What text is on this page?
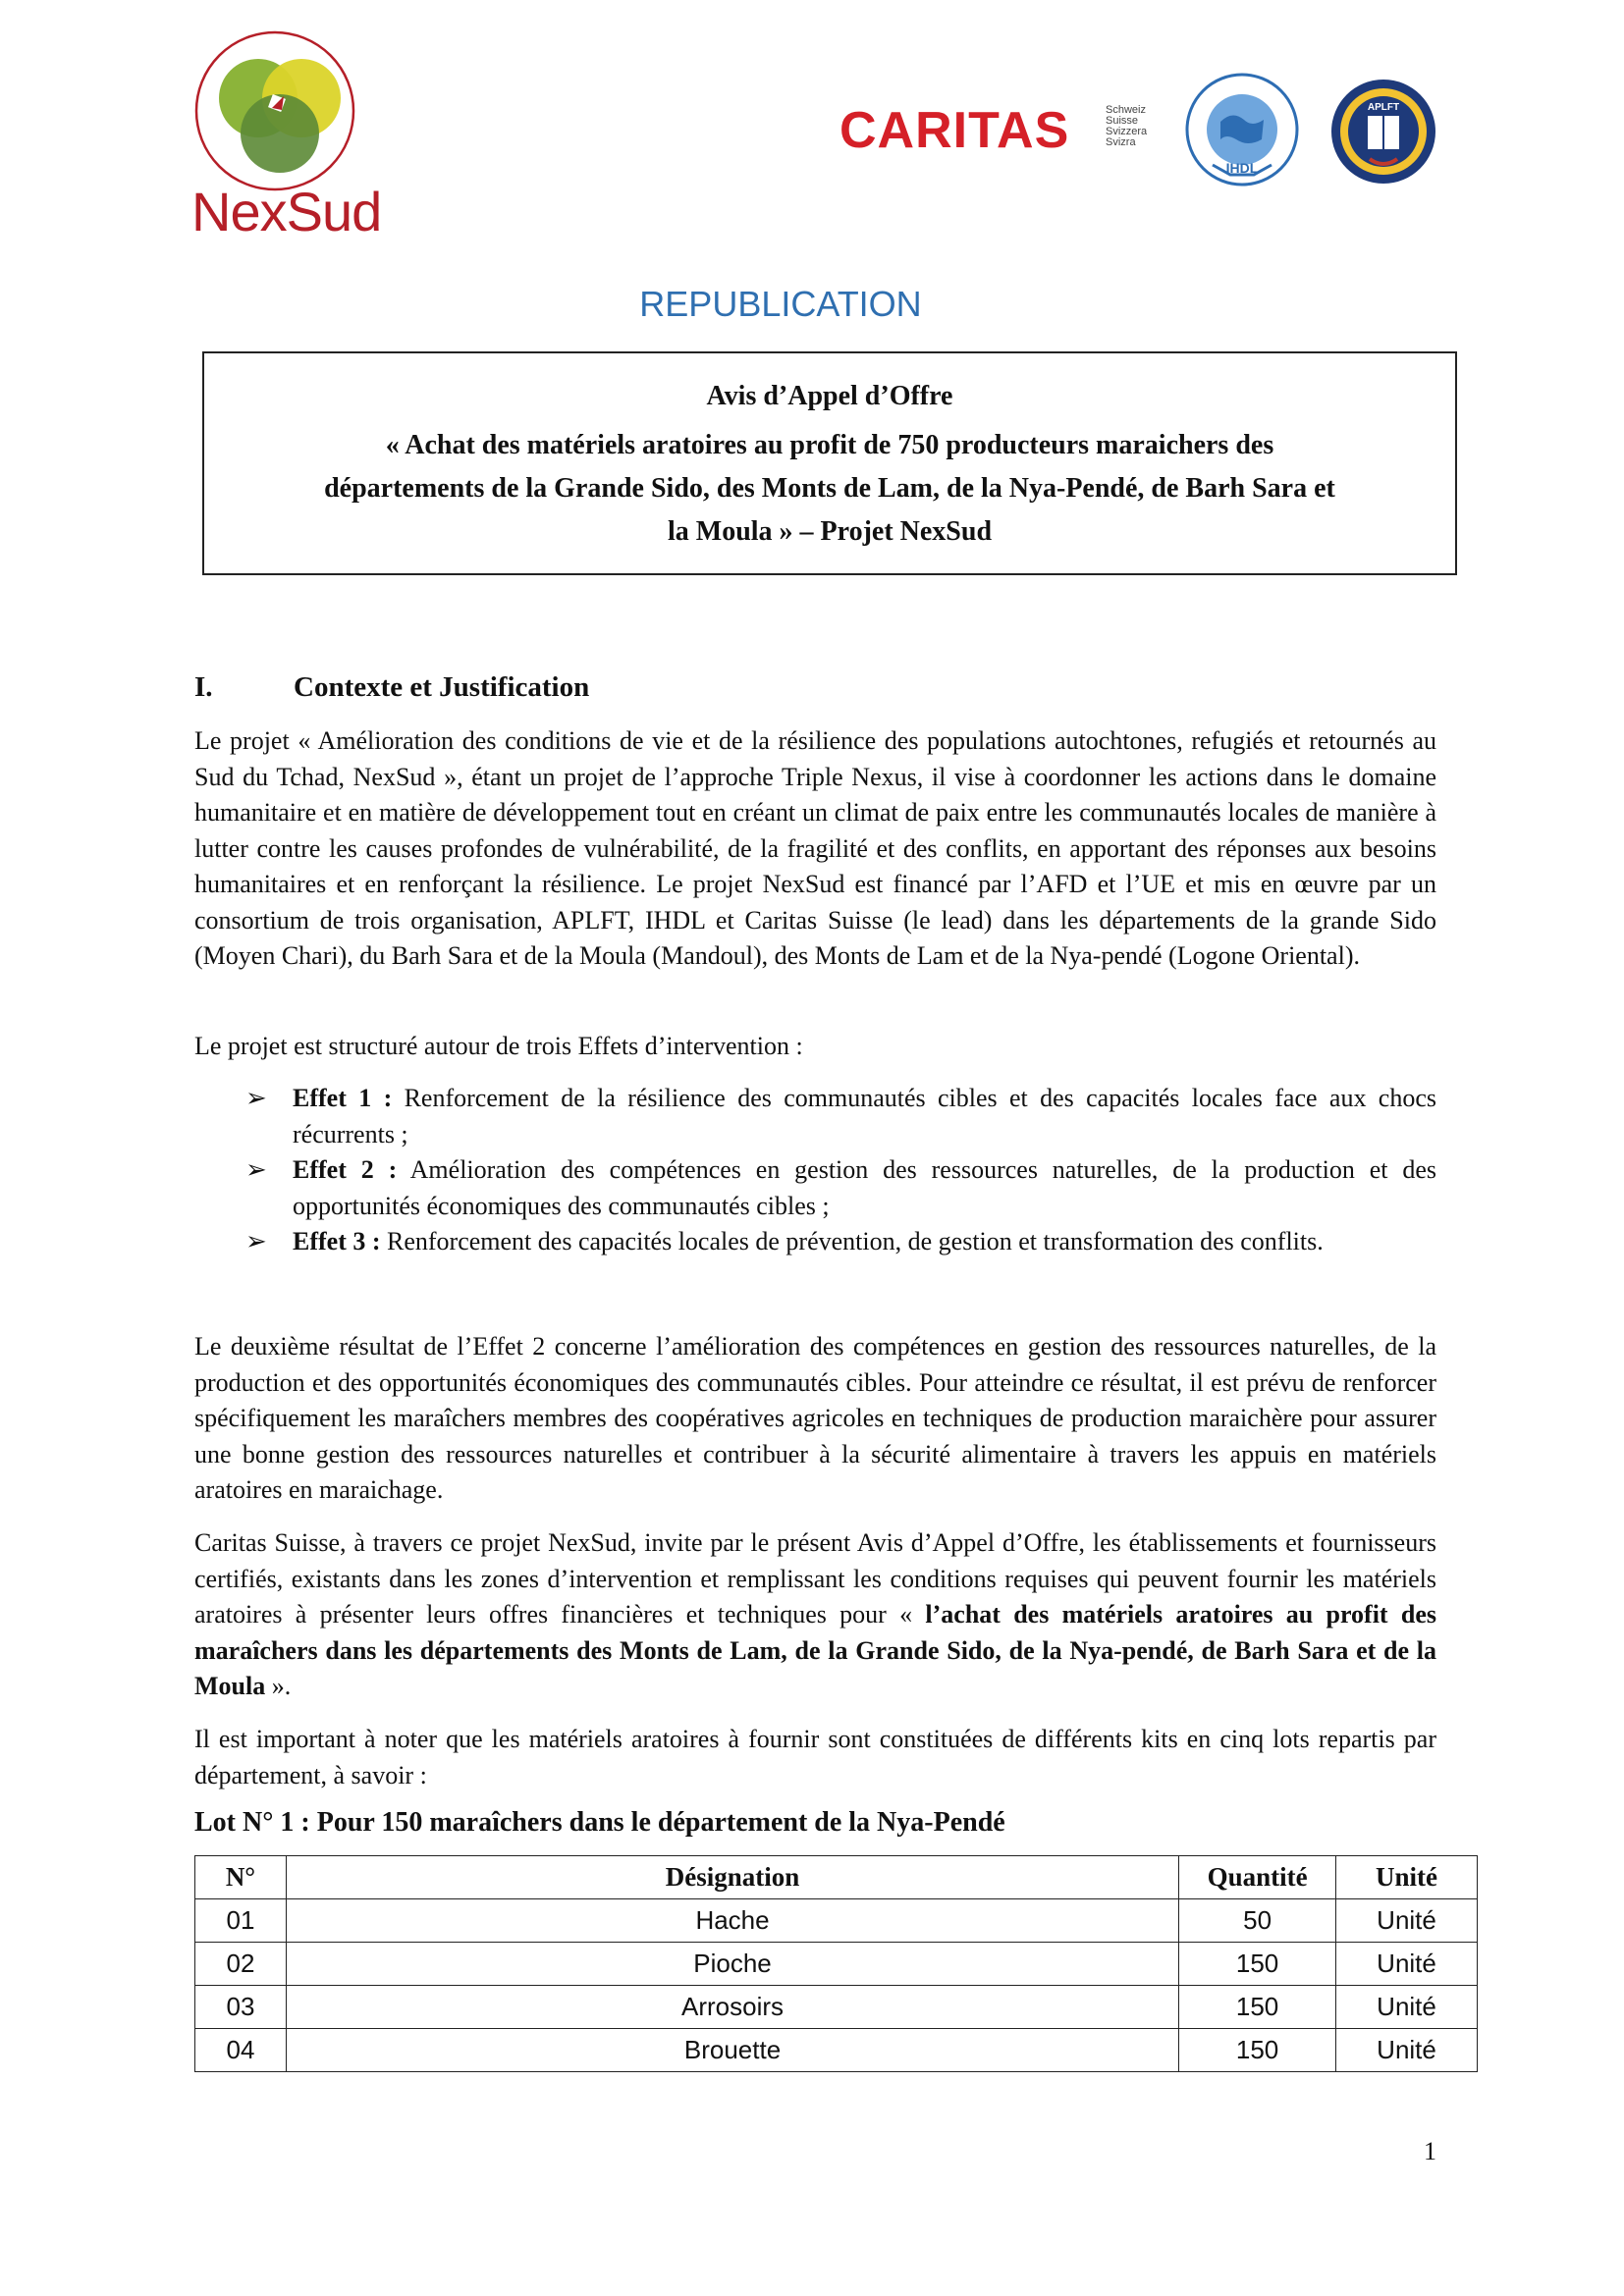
NexSud
CARITAS	Schweiz
Suisse
Svizzera
Svizra
IHDL
APLFT
REPUBLICATION
Avis d’Appel d’Offre
« Achat des matériels aratoires au profit de 750 producteurs maraichers des
départements de la Grande Sido, des Monts de Lam, de la Nya-Pendé, de Barh Sara et
la Moula » – Projet NexSud
I.	Contexte et Justification
Le projet « Amélioration des conditions de vie et de la résilience des populations autochtones, refugiés et retournés au Sud du Tchad, NexSud », étant un projet de l’approche Triple Nexus, il vise à coordonner les actions dans le domaine humanitaire et en matière de développement tout en créant un climat de paix entre les communautés locales de manière à lutter contre les causes profondes de vulnérabilité, de la fragilité et des conflits, en apportant des réponses aux besoins humanitaires et en renforçant la résilience. Le projet NexSud est financé par l’AFD et l’UE et mis en œuvre par un consortium de trois organisation, APLFT, IHDL et Caritas Suisse (le lead) dans les départements de la grande Sido (Moyen Chari), du Barh Sara et de la Moula (Mandoul), des Monts de Lam et de la Nya-pendé (Logone Oriental).
Le projet est structuré autour de trois Effets d’intervention :
➢ Effet 1 : Renforcement de la résilience des communautés cibles et des capacités locales face aux chocs récurrents ;
➢ Effet 2 : Amélioration des compétences en gestion des ressources naturelles, de la production et des opportunités économiques des communautés cibles ;
➢ Effet 3 : Renforcement des capacités locales de prévention, de gestion et transformation des conflits.
Le deuxième résultat de l’Effet 2 concerne l’amélioration des compétences en gestion des ressources naturelles, de la production et des opportunités économiques des communautés cibles. Pour atteindre ce résultat, il est prévu de renforcer spécifiquement les maraîchers membres des coopératives agricoles en techniques de production maraichère pour assurer une bonne gestion des ressources naturelles et contribuer à la sécurité alimentaire à travers les appuis en matériels aratoires en maraichage.
Caritas Suisse, à travers ce projet NexSud, invite par le présent Avis d’Appel d’Offre, les établissements et fournisseurs certifiés, existants dans les zones d’intervention et remplissant les conditions requises qui peuvent fournir les matériels aratoires à présenter leurs offres financières et techniques pour « l’achat des matériels aratoires au profit des maraîchers dans les départements des Monts de Lam, de la Grande Sido, de la Nya-pendé, de Barh Sara et de la Moula ».
Il est important à noter que les matériels aratoires à fournir sont constituées de différents kits en cinq lots repartis par département, à savoir :
Lot N° 1 : Pour 150 maraîchers dans le département de la Nya-Pendé
N°	Désignation	Quantité	Unité
01	Hache	50	Unité
02	Pioche	150	Unité
03	Arrosoirs	150	Unité
04	Brouette	150	Unité
1
